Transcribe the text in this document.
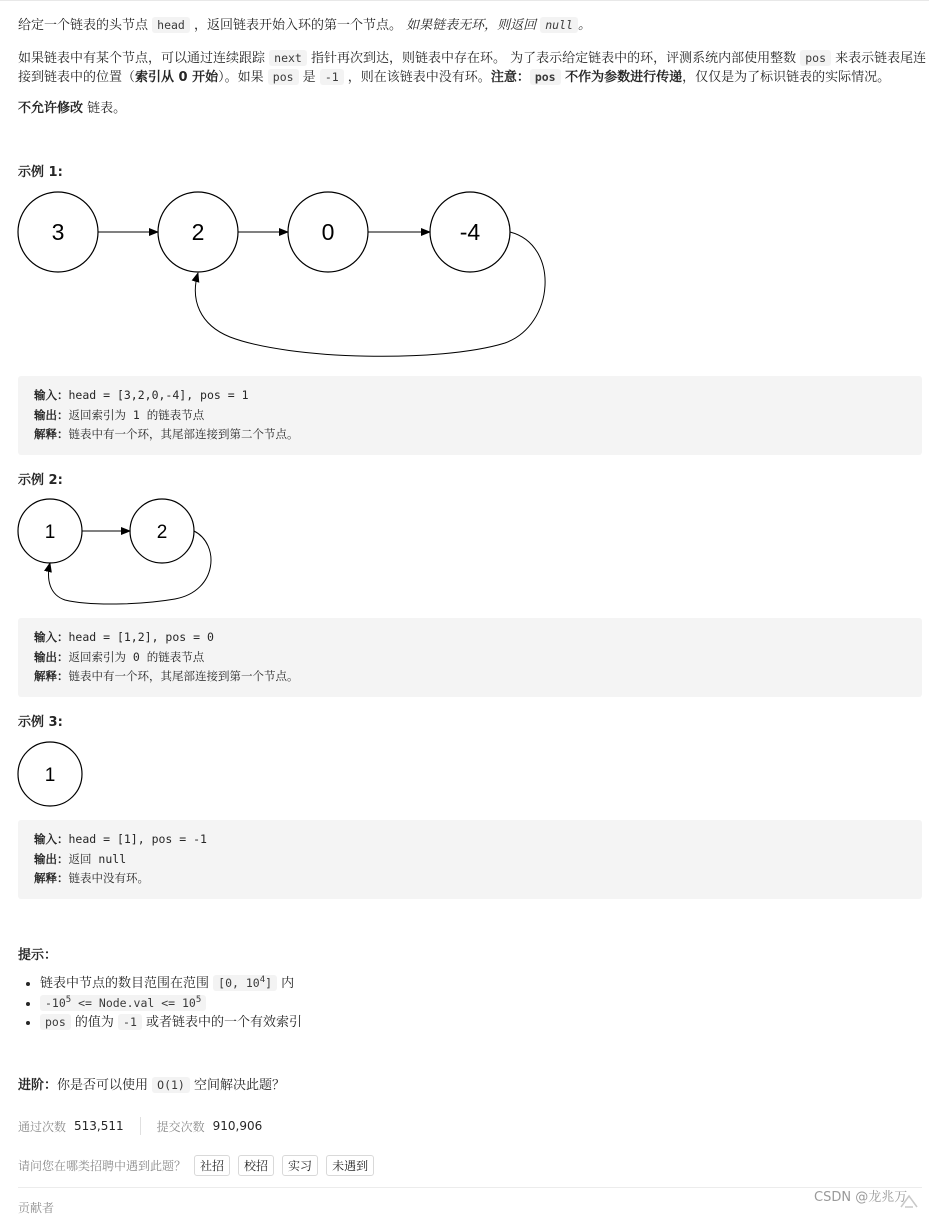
给定一个链表的头节点 head ，返回链表开始入环的第一个节点。 如果链表无环，则返回 null 。

如果链表中有某个节点，可以通过连续跟踪 next 指针再次到达，则链表中存在环。 为了表示给定链表中的环，评测系统内部使用整数 pos 来表示链表尾连

接到链表中的位置（索引从 0 开始）。如果 pos 是 -1 ，则在该链表中没有环。注意： pos 不作为参数进行传递，仅仅是为了标识链表的实际情况。

不允许修改 链表。

示例 1:

3	2	0	-4
输入：head = [3,2,0,-4], pos = 1
输出：返回索引为 1 的链表节点
解释：链表中有一个环，其尾部连接到第二个节点。

示例 2:

1	2
输入：head = [1,2], pos = 0
输出：返回索引为 0 的链表节点
解释：链表中有一个环，其尾部连接到第一个节点。

示例 3:

1
输入：head = [1], pos = -1
输出：返回 null
解释：链表中没有环。

提示：

• 链表中节点的数目范围在范围 [0, $10^4$] 内
• $-10^5$ <= Node.val <= $10^5$
• pos 的值为 -1 或者链表中的一个有效索引

进阶：你是否可以使用 O(1) 空间解决此题？

通过次数 513,511	提交次数 910,906
请问您在哪类招聘中遇到此题？	社招	校招	实习	未遇到
贡献者
CSDN @龙兆万
